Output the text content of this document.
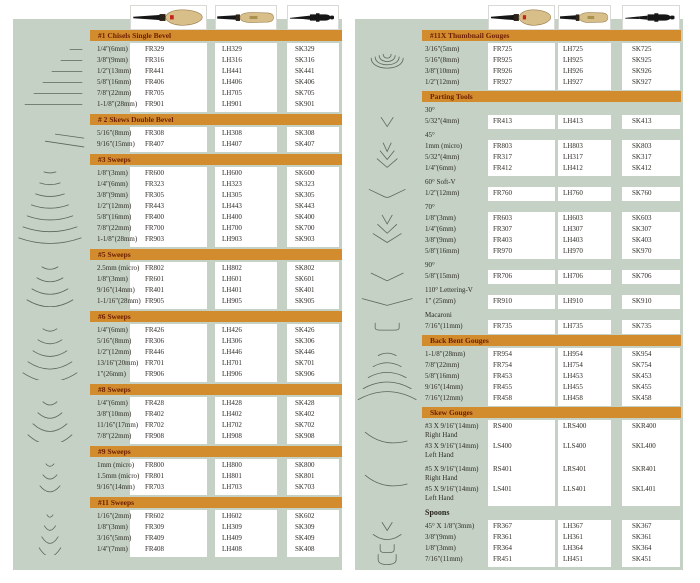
#1 Chisels Single Bevel
1/4"(6mm)	FR329	LH329	SK329
3/8"(9mm)	FR316	LH316	SK316
1/2"(13mm)	FR441	LH441	SK441
5/8"(16mm)	FR406	LH406	SK406
7/8"(22mm)	FR705	LH705	SK705
1-1/8"(28mm)	FR901	LH901	SK901
# 2 Skews Double Bevel
5/16"(8mm)	FR308	LH308	SK308
9/16"(15mm)	FR407	LH407	SK407
#3 Sweeps
1/8"(3mm)	FR600	LH600	SK600
1/4"(6mm)	FR323	LH323	SK323
3/8"(9mm)	FR305	LH305	SK305
1/2"(12mm)	FR443	LH443	SK443
5/8"(16mm)	FR400	LH400	SK400
7/8"(22mm)	FR700	LH700	SK700
1-1/8"(28mm)	FR903	LH903	SK903
#5 Sweeps
2.5mm (micro) FR802	LH802	SK802
1/8"(3mm)	FR601	LH601	SK601
9/16"(14mm)	FR401	LH401	SK401
1-1/16"(28mm) FR905	LH905	SK905
#6 Sweeps
1/4"(6mm)	FR426	LH426	SK426
5/16"(8mm)	FR306	LH306	SK306
1/2"(12mm)	FR446	LH446	SK446
13/16"(20mm) FR701	LH701	SK701
1"(26mm)	FR906	LH906	SK906
#8 Sweeps
1/4"(6mm)	FR428	LH428	SK428
3/8"(10mm)	FR402	LH402	SK402
11/16"(17mm) FR702	LH702	SK702
7/8"(22mm)	FR908	LH908	SK908
#9 Sweeps
1mm (micro)	FR800	LH800	SK800
1.5mm (micro) FR801	LH801	SK801
9/16"(14mm)	FR703	LH703	SK703
#11 Sweeps
1/16"(2mm)	FR602	LH602	SK602
1/8"(3mm)	FR309	LH309	SK309
3/16"(5mm)	FR409	LH409	SK409
1/4"(7mm)	FR408	LH408	SK408
#11X Thumbnail Gouges
3/16"(5mm)	FR725	LH725	SK725
5/16"(8mm)	FR925	LH925	SK925
3/8"(10mm)	FR926	LH926	SK926
1/2"(12mm)	FR927	LH927	SK927
Parting Tools
30°
5/32"(4mm)	FR413	LH413	SK413
45°
1mm (micro)	FR803	LH803	SK803
5/32"(4mm)	FR317	LH317	SK317
1/4"(6mm)	FR412	LH412	SK412
60° Soft-V
1/2"(12mm)	FR760	LH760	SK760
70°
1/8"(3mm)	FR603	LH603	SK603
1/4"(6mm)	FR307	LH307	SK307
3/8"(9mm)	FR403	LH403	SK403
5/8"(16mm)	FR970	LH970	SK970
90°
5/8"(15mm)	FR706	LH706	SK706
110° Lettering-V
1" (25mm)	FR910	LH910	SK910
Macaroni
7/16"(11mm)	FR735	LH735	SK735
Back Bent Gouges
1-1/8"(28mm)	FR954	LH954	SK954
7/8"(22mm)	FR754	LH754	SK754
5/8"(16mm)	FR453	LH453	SK453
9/16"(14mm)	FR455	LH455	SK455
7/16"(12mm)	FR458	LH458	SK458
Skew Gouges
#3 X 9/16"(14mm)
Right Hand
RS400	LRS400	SKR400
#3 X 9/16"(14mm)
Left Hand
LS400	LLS400	SKL400
#5 X 9/16"(14mm)
Right Hand
RS401	LRS401	SKR401
#5 X 9/16"(14mm)
Left Hand
LS401	LLS401	SKL401
Spoons
45° X 1/8"(3mm)	FR367	LH367	SK367
3/8"(9mm)	FR361	LH361	SK361
1/8"(3mm)	FR364	LH364	SK364
7/16"(11mm)	FR451	LH451	SK451
